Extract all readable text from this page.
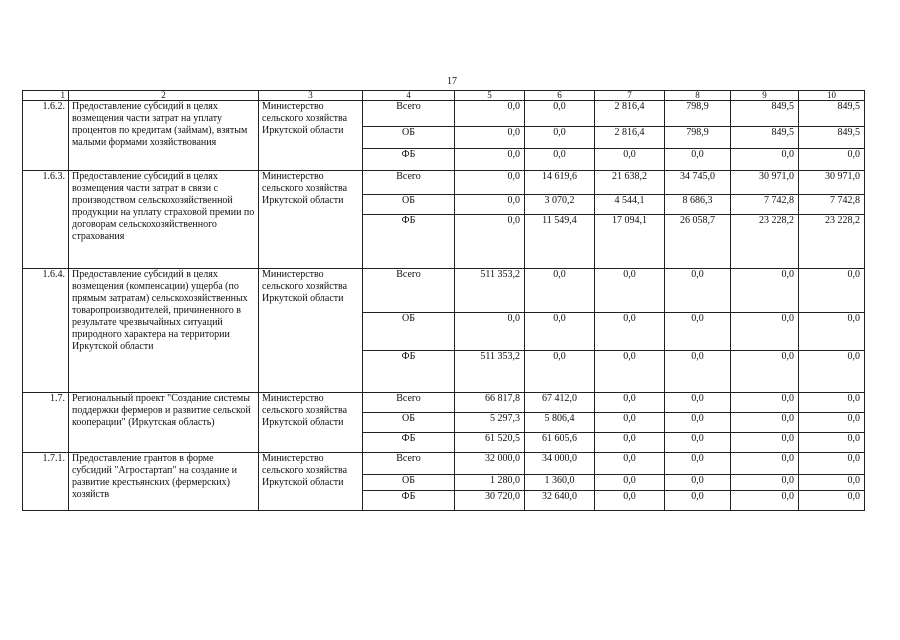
17
1	2	3	4	5	6	7	8	9	10
1.6.2.	Предоставление субсидий в целях возмещения части затрат на уплату процентов по кредитам (займам), взятым малыми формами хозяйствования	Министерство сельского хозяйства Иркутской области	Всего	0,0	0,0	2 816,4	798,9	849,5	849,5
			ОБ	0,0	0,0	2 816,4	798,9	849,5	849,5
			ФБ	0,0	0,0	0,0	0,0	0,0	0,0
1.6.3.	Предоставление субсидий в целях возмещения части затрат в связи с производством сельскохозяйственной продукции на уплату страховой премии по договорам сельскохозяйственного страхования	Министерство сельского хозяйства Иркутской области	Всего	0,0	14 619,6	21 638,2	34 745,0	30 971,0	30 971,0
			ОБ	0,0	3 070,2	4 544,1	8 686,3	7 742,8	7 742,8
			ФБ	0,0	11 549,4	17 094,1	26 058,7	23 228,2	23 228,2
1.6.4.	Предоставление субсидий в целях возмещения (компенсации) ущерба (по прямым затратам) сельскохозяйственных товаропроизводителей, причиненного в результате чрезвычайных ситуаций природного характера на территории Иркутской области	Министерство сельского хозяйства Иркутской области	Всего	511 353,2	0,0	0,0	0,0	0,0	0,0
			ОБ	0,0	0,0	0,0	0,0	0,0	0,0
			ФБ	511 353,2	0,0	0,0	0,0	0,0	0,0
1.7.	Региональный проект "Создание системы поддержки фермеров и развитие сельской кооперации" (Иркутская область)	Министерство сельского хозяйства Иркутской области	Всего	66 817,8	67 412,0	0,0	0,0	0,0	0,0
			ОБ	5 297,3	5 806,4	0,0	0,0	0,0	0,0
			ФБ	61 520,5	61 605,6	0,0	0,0	0,0	0,0
1.7.1.	Предоставление грантов в форме субсидий "Агростартап" на создание и развитие крестьянских (фермерских) хозяйств	Министерство сельского хозяйства Иркутской области	Всего	32 000,0	34 000,0	0,0	0,0	0,0	0,0
			ОБ	1 280,0	1 360,0	0,0	0,0	0,0	0,0
			ФБ	30 720,0	32 640,0	0,0	0,0	0,0	0,0
